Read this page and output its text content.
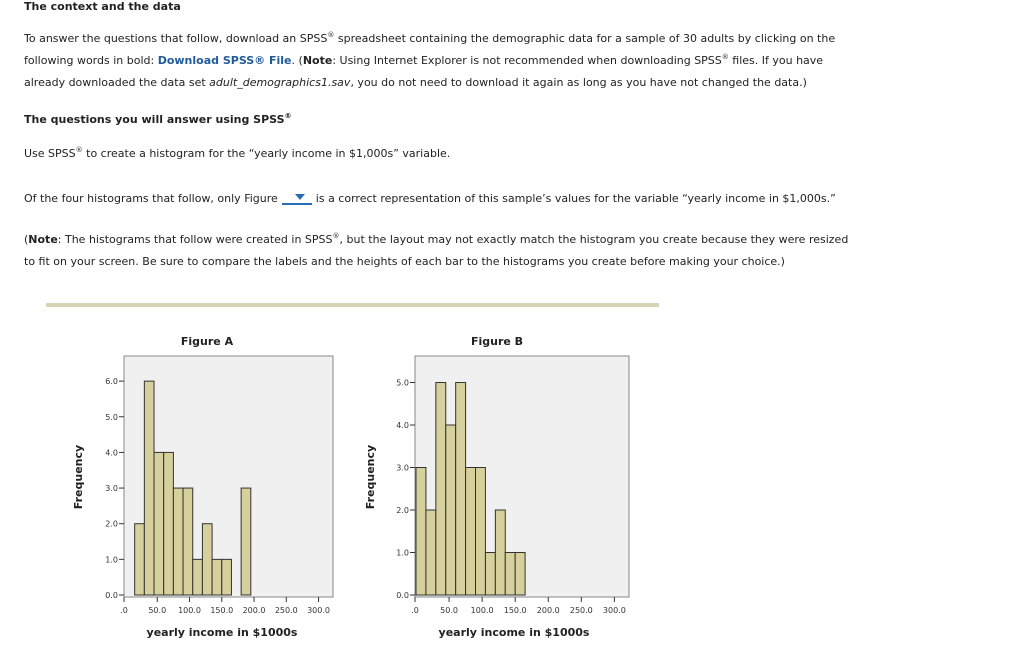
The context and the data
To answer the questions that follow, download an SPSS® spreadsheet containing the demographic data for a sample of 30 adults by clicking on the
following words in bold: Download SPSS® File. (Note: Using Internet Explorer is not recommended when downloading SPSS® files. If you have
already downloaded the data set adult_demographics1.sav, you do not need to download it again as long as you have not changed the data.)
The questions you will answer using SPSS®
Use SPSS® to create a histogram for the “yearly income in $1,000s” variable.
Of the four histograms that follow, only Figure	is a correct representation of this sample’s values for the variable “yearly income in $1,000s.”
(Note: The histograms that follow were created in SPSS®, but the layout may not exactly match the histogram you create because they were resized
to fit on your screen. Be sure to compare the labels and the heights of each bar to the histograms you create before making your choice.)
Figure A
0.0
1.0
2.0
3.0
4.0
5.0
6.0
.0	50.0 100.0 150.0 200.0 250.0 300.0
yearly income in $1000s
Frequency
Figure B
0.0
1.0
2.0
3.0
4.0
5.0
.0	50.0 100.0 150.0 200.0 250.0 300.0
yearly income in $1000s
Frequency
